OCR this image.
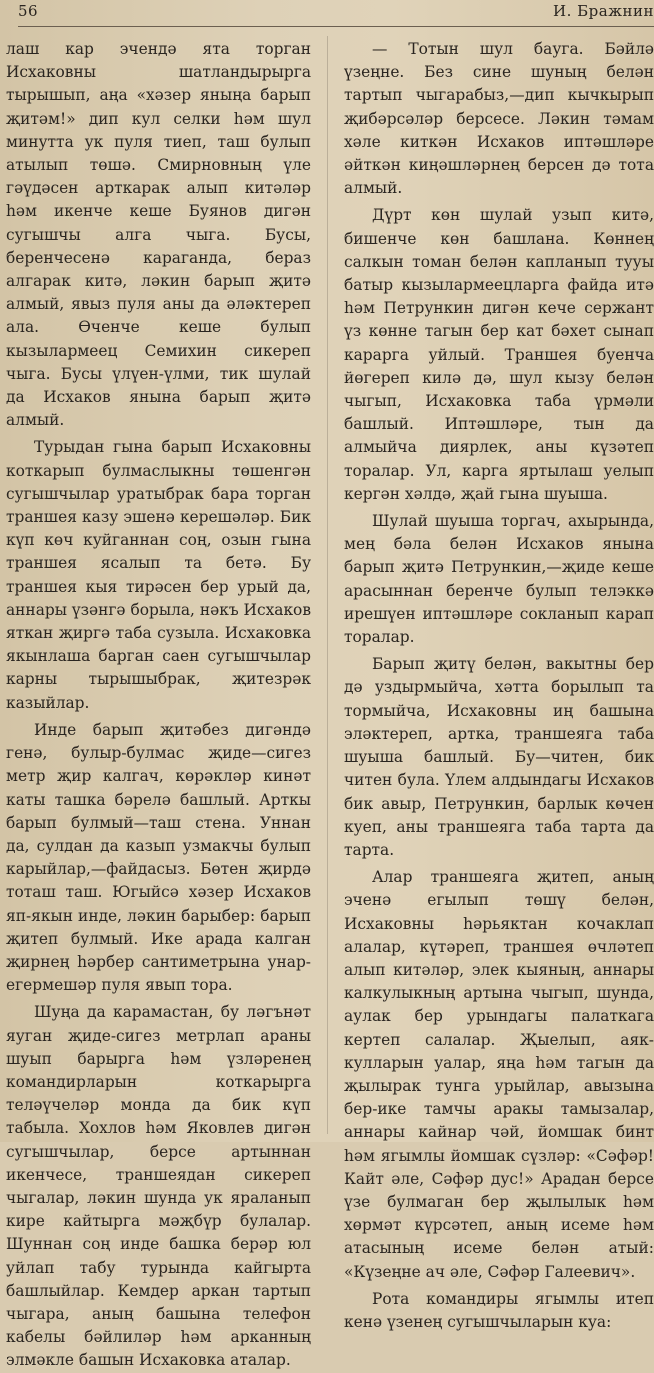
56	И. Бражнин

лаш кар эчендә ята торган Исхаковны шатландырырга тырышып, аңа «хәзер яныңа барып җитәм!» дип кул селки һәм шул минутта ук пуля тиеп, таш булып атылып төшә. Смирновның үле гәүдәсен арткарак алып китәләр һәм икенче кеше Буянов дигән сугышчы алга чыга. Бусы, беренчесенә караганда, бераз алгарак китә, ләкин барып җитә алмый, явыз пуля аны да әләктереп ала. Өченче кеше булып кызылармеец Семихин сикереп чыга. Бусы үлүен-үлми, тик шулай да Исхаков янына барып җитә алмый.

Турыдан гына барып Исхаковны коткарып булмаслыкны төшенгән сугышчылар уратыбрак бара торган траншея казу эшенә керешәләр. Бик күп көч куйганнан соң, озын гына траншея ясалып та бетә. Бу траншея кыя тирәсен бер урый да, аннары үзәнгә борыла, нәкъ Исхаков яткан җиргә таба сузыла. Исхаковка якынлаша барган саен сугышчылар карны тырышыбрак, җитезрәк казыйлар.

Инде барып җитәбез дигәндә генә, булыр-булмас җиде—сигез метр җир калгач, көрәкләр кинәт каты ташка бәрелә башлый. Арткы барып булмый—таш стена. Уннан да, сулдан да казып узмакчы булып карыйлар,—файдасыз. Бөтен җирдә тоташ таш. Югыйсә хәзер Исхаков яп-якын инде, ләкин барыбер: барып җитеп булмый. Ике арада калган җирнең һәрбер сантиметрына унар-егермешәр пуля явып тора.

Шуңа да карамастан, бу ләгънәт яуган җиде-сигез метрлап араны шуып барырга һәм үзләренең командирларын коткарырга теләүчеләр монда да бик күп табыла. Хохлов һәм Яковлев дигән сугышчылар, берсе артыннан икенчесе, траншеядан сикереп чыгалар, ләкин шунда ук яраланып кире кайтырга мәҗбүр булалар. Шуннан соң инде башка берәр юл уйлап табу турында кайгырта башлыйлар. Кемдер аркан тартып чыгара, аның башына телефон кабелы бәйлиләр һәм арканның элмәкле башын Исхаковка аталар.

— Тотын шул бауга. Бәйлә үзеңне. Без сине шуның белән тартып чыгарабыз,—дип кычкырып җибәрсәләр берсесе. Ләкин тәмам хәле киткән Исхаков иптәшләре әйткән киңәшләрнең берсен дә тота алмый.

Дүрт көн шулай узып китә, бишенче көн башлана. Көннең салкын томан белән капланып тууы батыр кызылармеецларга файда итә һәм Петрункин дигән кече сержант үз көнне тагын бер кат бәхет сынап карарга уйлый. Траншея буенча йөгереп килә дә, шул кызу белән чыгып, Исхаковка таба үрмәли башлый. Иптәшләре, тын да алмыйча диярлек, аны күзәтеп торалар. Ул, карга яртылаш уелып кергән хәлдә, җай гына шуыша.

Шулай шуыша торгач, ахырында, мең бәла белән Исхаков янына барып җитә Петрункин,—җиде кеше арасыннан беренче булып телэккә ирешүен иптәшләре сокланып карап торалар.

Барып җитү белән, вакытны бер дә уздырмыйча, хәтта борылып та тормыйча, Исхаковны иң башына эләктереп, артка, траншеяга таба шуыша башлый. Бу—читен, бик читен була. Үлем алдындагы Исхаков бик авыр, Петрункин, барлык көчен куеп, аны траншеяга таба тарта да тарта.

Алар траншеяга җитеп, аның эченә егылып төшү белән, Исхаковны һәрьяктан кочаклап алалар, күтәреп, траншея өчләтеп алып китәләр, элек кыяның, аннары калкулыкның артына чыгып, шунда, аулак бер урындагы палаткага кертеп салалар. Җыелып, аяк-кулларын уалар, яңа һәм тагын да җылырак тунга урыйлар, авызына бер-ике тамчы аракы тамызалар, аннары кайнар чәй, йомшак бинт һәм ягымлы йомшак сүзләр: «Сәфәр! Кайт әле, Сәфәр дус!» Арадан берсе үзе булмаган бер җылылык һәм хөрмәт күрсәтеп, аның исеме һәм атасының исеме белән атый: «Күзеңне ач әле, Сәфәр Галеевич».

Рота командиры ягымлы итеп кенә үзенең сугышчыларын куа:
